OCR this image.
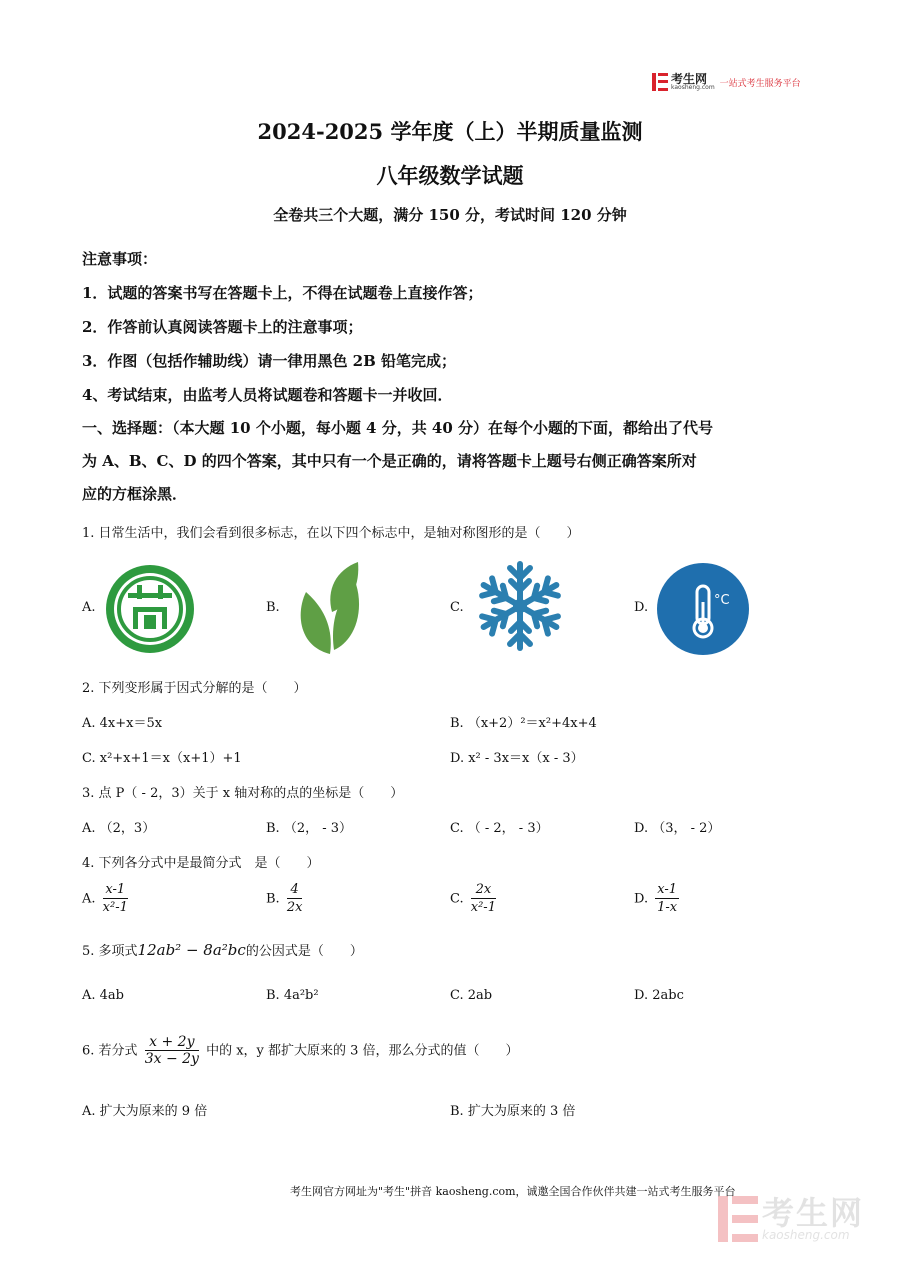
考生网
kaosheng.com 一站式考生服务平台
2024-2025 学年度（上）半期质量监测
八年级数学试题
全卷共三个大题，满分 150 分，考试时间 120 分钟
注意事项：
1．试题的答案书写在答题卡上，不得在试题卷上直接作答；
2．作答前认真阅读答题卡上的注意事项；
3．作图（包括作辅助线）请一律用黑色 2B 铅笔完成；
4、考试结束，由监考人员将试题卷和答题卡一并收回．
一、选择题：（本大题 10 个小题，每小题 4 分，共 40 分）在每个小题的下面，都给出了代号
为 A、B、C、D 的四个答案，其中只有一个是正确的，请将答题卡上题号右侧正确答案所对
应的方框涂黑．
1. 日常生活中，我们会看到很多标志，在以下四个标志中，是轴对称图形的是（　　）
A.	B.	C.	D.	°C
2. 下列变形属于因式分解的是（　　）
A. 4x+x＝5x	B. （x+2）²＝x²+4x+4
C. x²+x+1＝x（x+1）+1	D. x² - 3x＝x（x - 3）
3. 点 P（ - 2，3）关于 x 轴对称的点的坐标是（　　）
A. （2，3）	B. （2， - 3）	C. （ - 2， - 3）	D. （3， - 2）
4. 下列各分式中是最简分式　是（　　）
A. $\frac{x-1}{\text{x²-1}}$	B. $\frac{4}{2x}$	C. $\frac{2x}{\text{x²-1}}$	D. $\frac{x-1}{1-x}$
5. 多项式12ab² − 8a²bc的公因式是（　　）
A. 4ab	B. 4a²b²	C. 2ab	D. 2abc
6. 若分式 $\frac{x + 2y}{3x - 2y}$ 中的 x，y 都扩大原来的 3 倍，那么分式的值（　　）
A. 扩大为原来的 9 倍	B. 扩大为原来的 3 倍
考生网官方网址为"考生"拼音 kaosheng.com，诚邀全国合作伙伴共建一站式考生服务平台
考生网
kaosheng.com
